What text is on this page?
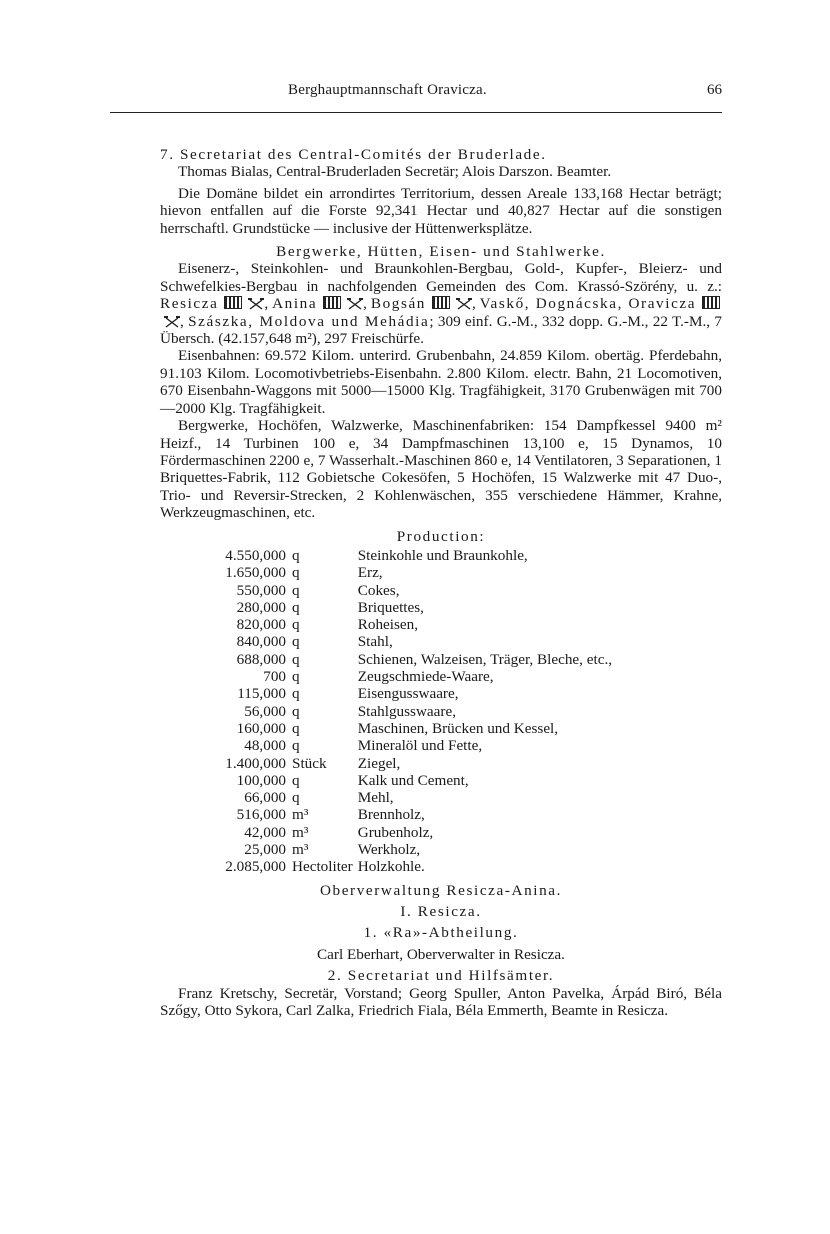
Berghauptmannschaft Oravicza.	66

7. Secretariat des Central-Comités der Bruderlade.

Thomas Bialas, Central-Bruderladen Secretär; Alois Darszon. Beamter.

Die Domäne bildet ein arrondirtes Territorium, dessen Areale 133,168 Hectar beträgt; hievon entfallen auf die Forste 92,341 Hectar und 40,827 Hectar auf die sonstigen herrschaftl. Grundstücke — inclusive der Hüttenwerksplätze.

Bergwerke, Hütten, Eisen- und Stahlwerke.

Eisenerz-, Steinkohlen- und Braunkohlen-Bergbau, Gold-, Kupfer-, Bleierz- und Schwefelkies-Bergbau in nachfolgenden Gemeinden des Com. Krassó-Szörény, u. z.: Resicza	, Anina	, Bogsán	, Vaskő, Dognácska, Oravicza , Szászka, Moldova und Mehádia; 309 einf. G.-M., 332 dopp. G.-M., 22 T.-M., 7 Übersch. (42.157,648 m²), 297 Freischürfe.

Eisenbahnen: 69.572 Kilom. unterird. Grubenbahn, 24.859 Kilom. obertäg. Pferdebahn, 91.103 Kilom. Locomotivbetriebs-Eisenbahn. 2.800 Kilom. electr. Bahn, 21 Locomotiven, 670 Eisenbahn-Waggons mit 5000—15000 Klg. Tragfähigkeit, 3170 Grubenwägen mit 700—2000 Klg. Tragfähigkeit.

Bergwerke, Hochöfen, Walzwerke, Maschinenfabriken: 154 Dampfkessel 9400 m² Heizf., 14 Turbinen 100 e, 34 Dampfmaschinen 13,100 e, 15 Dynamos, 10 Fördermaschinen 2200 e, 7 Wasserhalt.-Maschinen 860 e, 14 Ventilatoren, 3 Separationen, 1 Briquettes-Fabrik, 112 Gobietsche Cokesöfen, 5 Hochöfen, 15 Walzwerke mit 47 Duo-, Trio- und Reversir-Strecken, 2 Kohlenwäschen, 355 verschiedene Hämmer, Krahne, Werkzeugmaschinen, etc.

Production:

4.550,000	q	Steinkohle und Braunkohle,
1.650,000	q	Erz,
550,000	q	Cokes,
280,000	q	Briquettes,
820,000	q	Roheisen,
840,000	q	Stahl,
688,000	q	Schienen, Walzeisen, Träger, Bleche, etc.,
700	q	Zeugschmiede-Waare,
115,000	q	Eisengusswaare,
56,000	q	Stahlgusswaare,
160,000	q	Maschinen, Brücken und Kessel,
48,000	q	Mineralöl und Fette,
1.400,000	Stück	Ziegel,
100,000	q	Kalk und Cement,
66,000	q	Mehl,
516,000	m³	Brennholz,
42,000	m³	Grubenholz,
25,000	m³	Werkholz,
2.085,000	Hectoliter	Holzkohle.

Oberverwaltung Resicza-Anina.

I. Resicza.

1. «Ra»-Abtheilung.

Carl Eberhart, Oberverwalter in Resicza.

2. Secretariat und Hilfsämter.

Franz Kretschy, Secretär, Vorstand; Georg Spuller, Anton Pavelka, Árpád Biró, Béla Szőgy, Otto Sykora, Carl Zalka, Friedrich Fiala, Béla Emmerth, Beamte in Resicza.
